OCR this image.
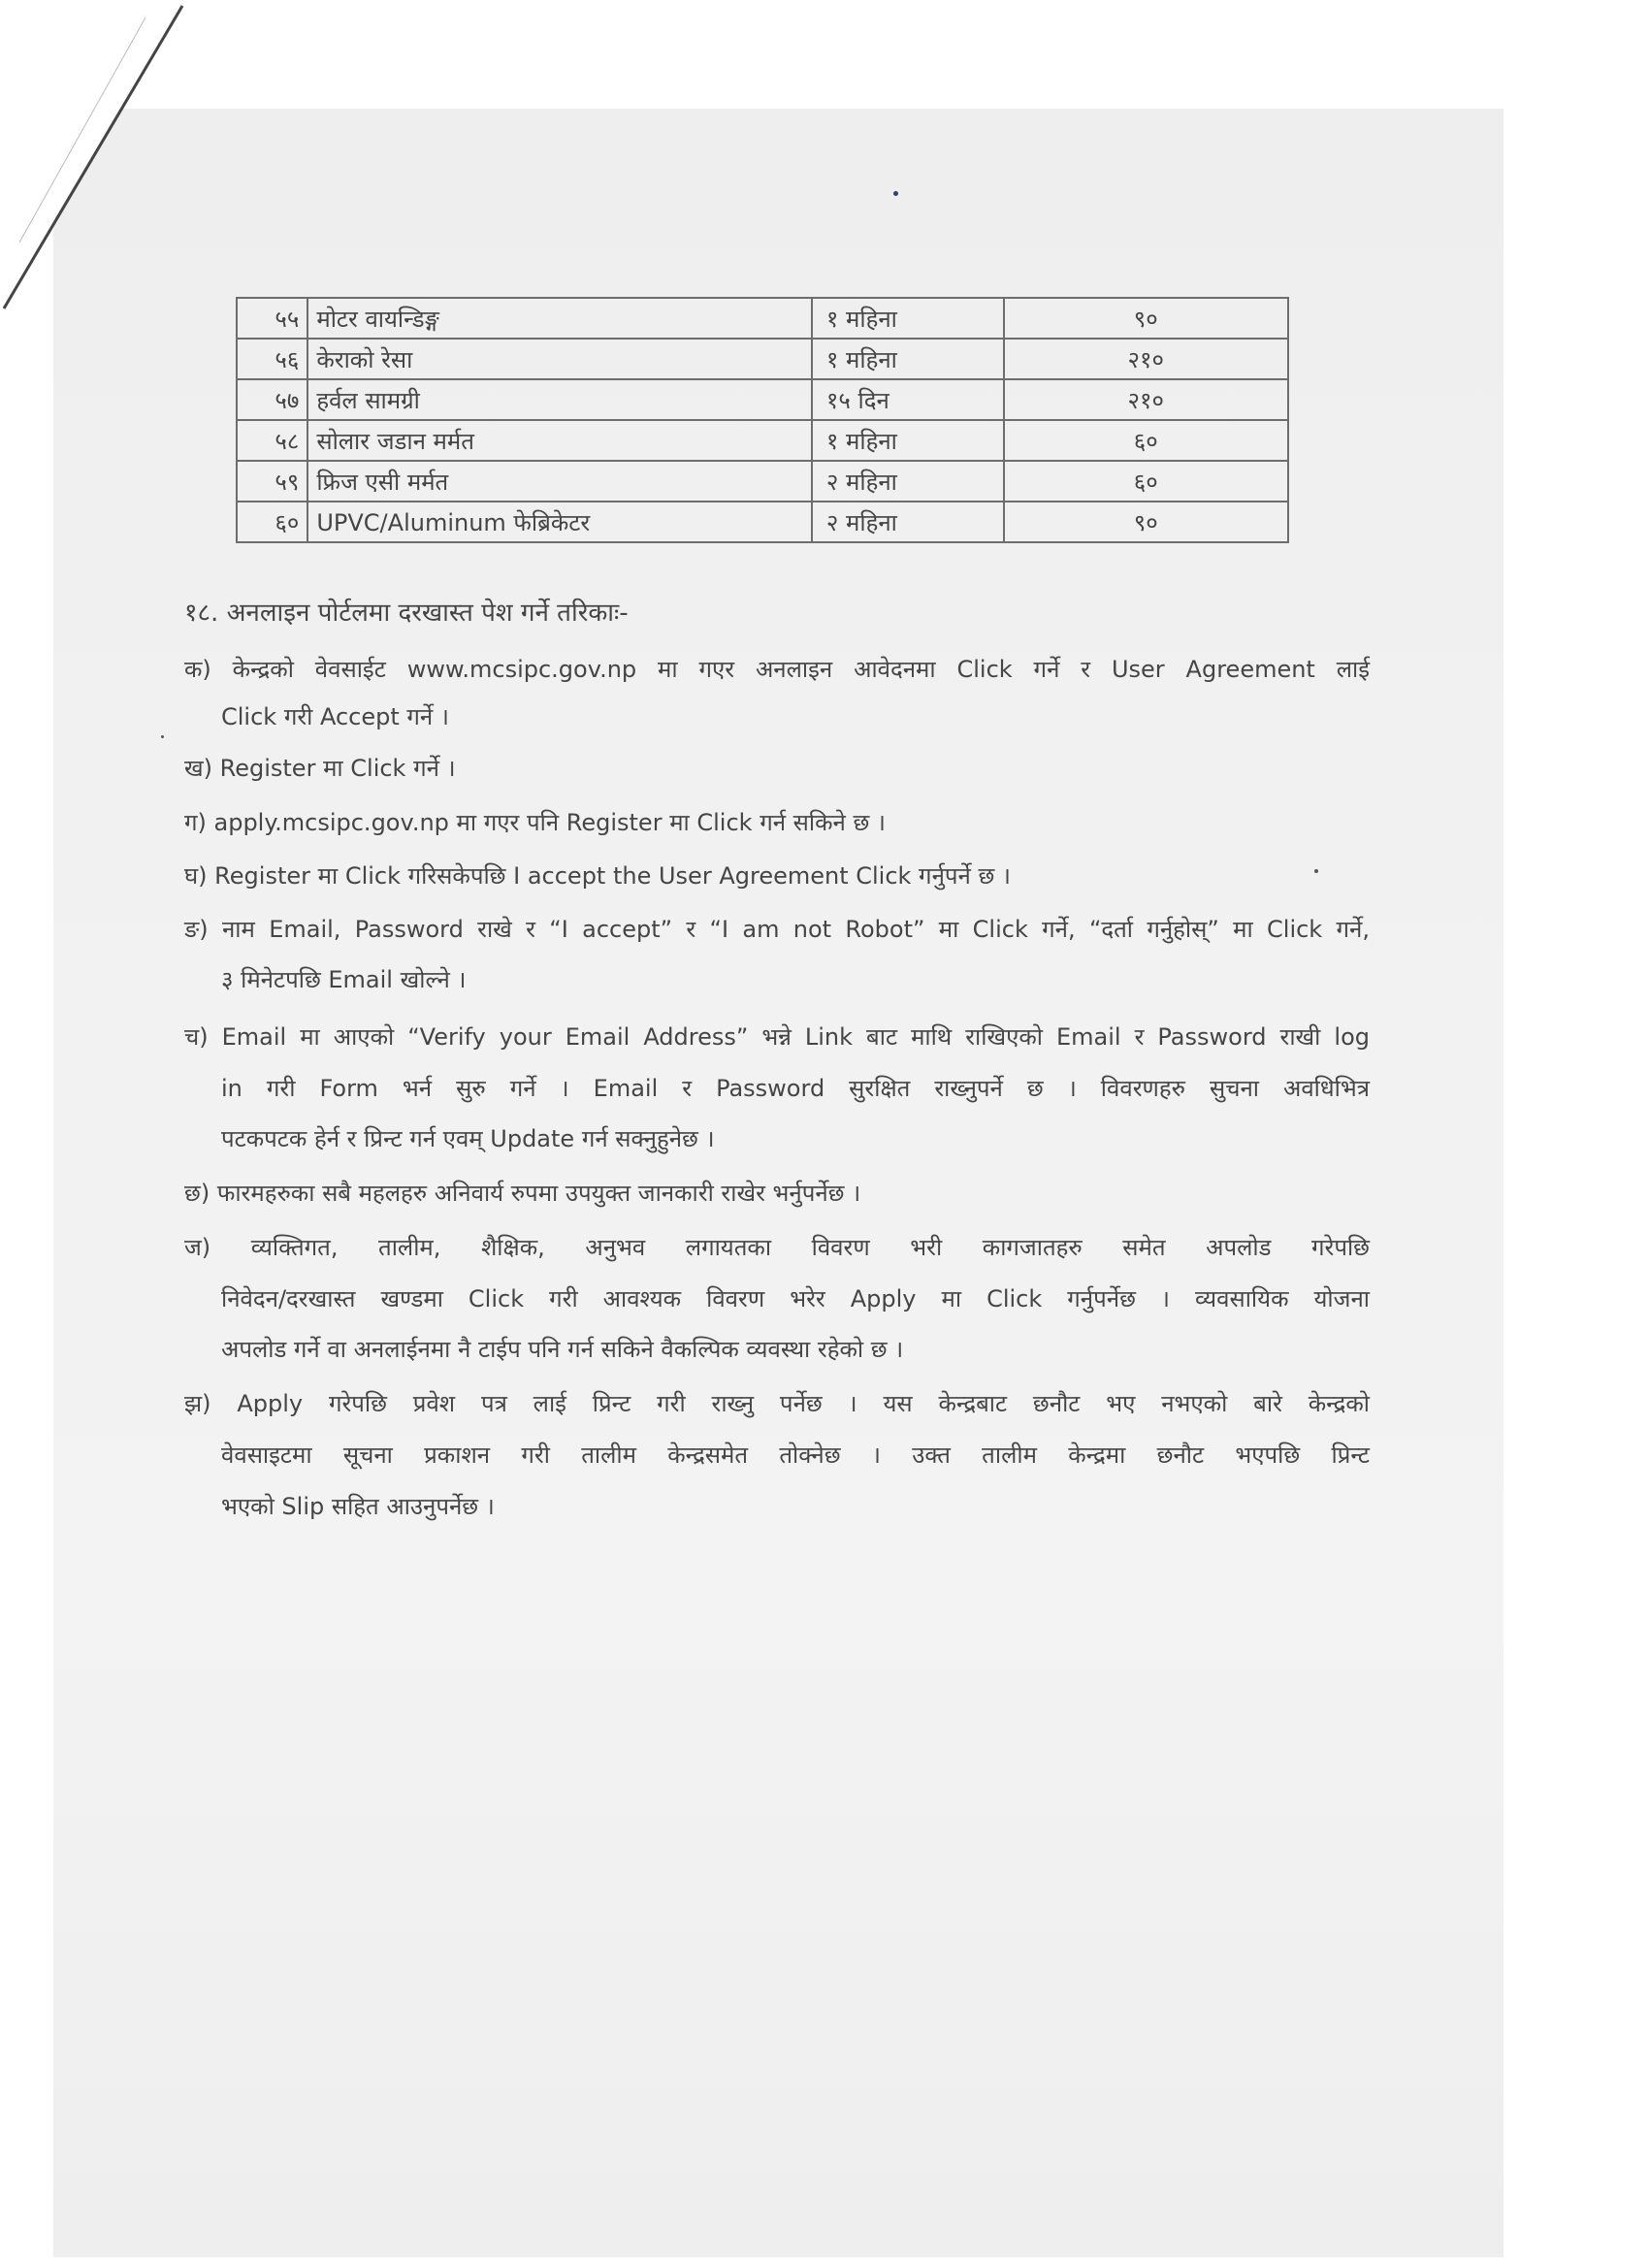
५५	मोटर वायन्डिङ्ग	१ महिना	९०
५६	केराको रेसा	१ महिना	२१०
५७	हर्वल सामग्री	१५ दिन	२१०
५८	सोलार जडान मर्मत	१ महिना	६०
५९	फ्रिज एसी मर्मत	२ महिना	६०
६०	UPVC/Aluminum फेब्रिकेटर	२ महिना	९०
१८. अनलाइन पोर्टलमा दरखास्त पेश गर्ने तरिकाः-
क) केन्द्रको वेवसाईट www.mcsipc.gov.np मा गएर अनलाइन आवेदनमा Click गर्ने र User Agreement लाई
Click गरी Accept गर्ने ।
ख) Register मा Click गर्ने ।
ग) apply.mcsipc.gov.np मा गएर पनि Register मा Click गर्न सकिने छ ।
घ) Register मा Click गरिसकेपछि I accept the User Agreement Click गर्नुपर्ने छ ।
ङ) नाम Email, Password राखे र “I accept” र “I am not Robot” मा Click गर्ने, “दर्ता गर्नुहोस्” मा Click गर्ने,
३ मिनेटपछि Email खोल्ने ।
च) Email मा आएको “Verify your Email Address” भन्ने Link बाट माथि राखिएको Email र Password राखी log
in गरी Form भर्न सुरु गर्ने । Email र Password सुरक्षित राख्नुपर्ने छ । विवरणहरु सुचना अवधिभित्र
पटकपटक हेर्न र प्रिन्ट गर्न एवम् Update गर्न सक्नुहुनेछ ।
छ) फारमहरुका सबै महलहरु अनिवार्य रुपमा उपयुक्त जानकारी राखेर भर्नुपर्नेछ ।
ज) व्यक्तिगत, तालीम, शैक्षिक, अनुभव लगायतका विवरण भरी कागजातहरु समेत अपलोड गरेपछि
निवेदन/दरखास्त खण्डमा Click गरी आवश्यक विवरण भरेर Apply मा Click गर्नुपर्नेछ । व्यवसायिक योजना
अपलोड गर्ने वा अनलाईनमा नै टाईप पनि गर्न सकिने वैकल्पिक व्यवस्था रहेको छ ।
झ) Apply गरेपछि प्रवेश पत्र लाई प्रिन्ट गरी राख्नु पर्नेछ । यस केन्द्रबाट छनौट भए नभएको बारे केन्द्रको
वेवसाइटमा सूचना प्रकाशन गरी तालीम केन्द्रसमेत तोक्नेछ । उक्त तालीम केन्द्रमा छनौट भएपछि प्रिन्ट
भएको Slip सहित आउनुपर्नेछ ।
